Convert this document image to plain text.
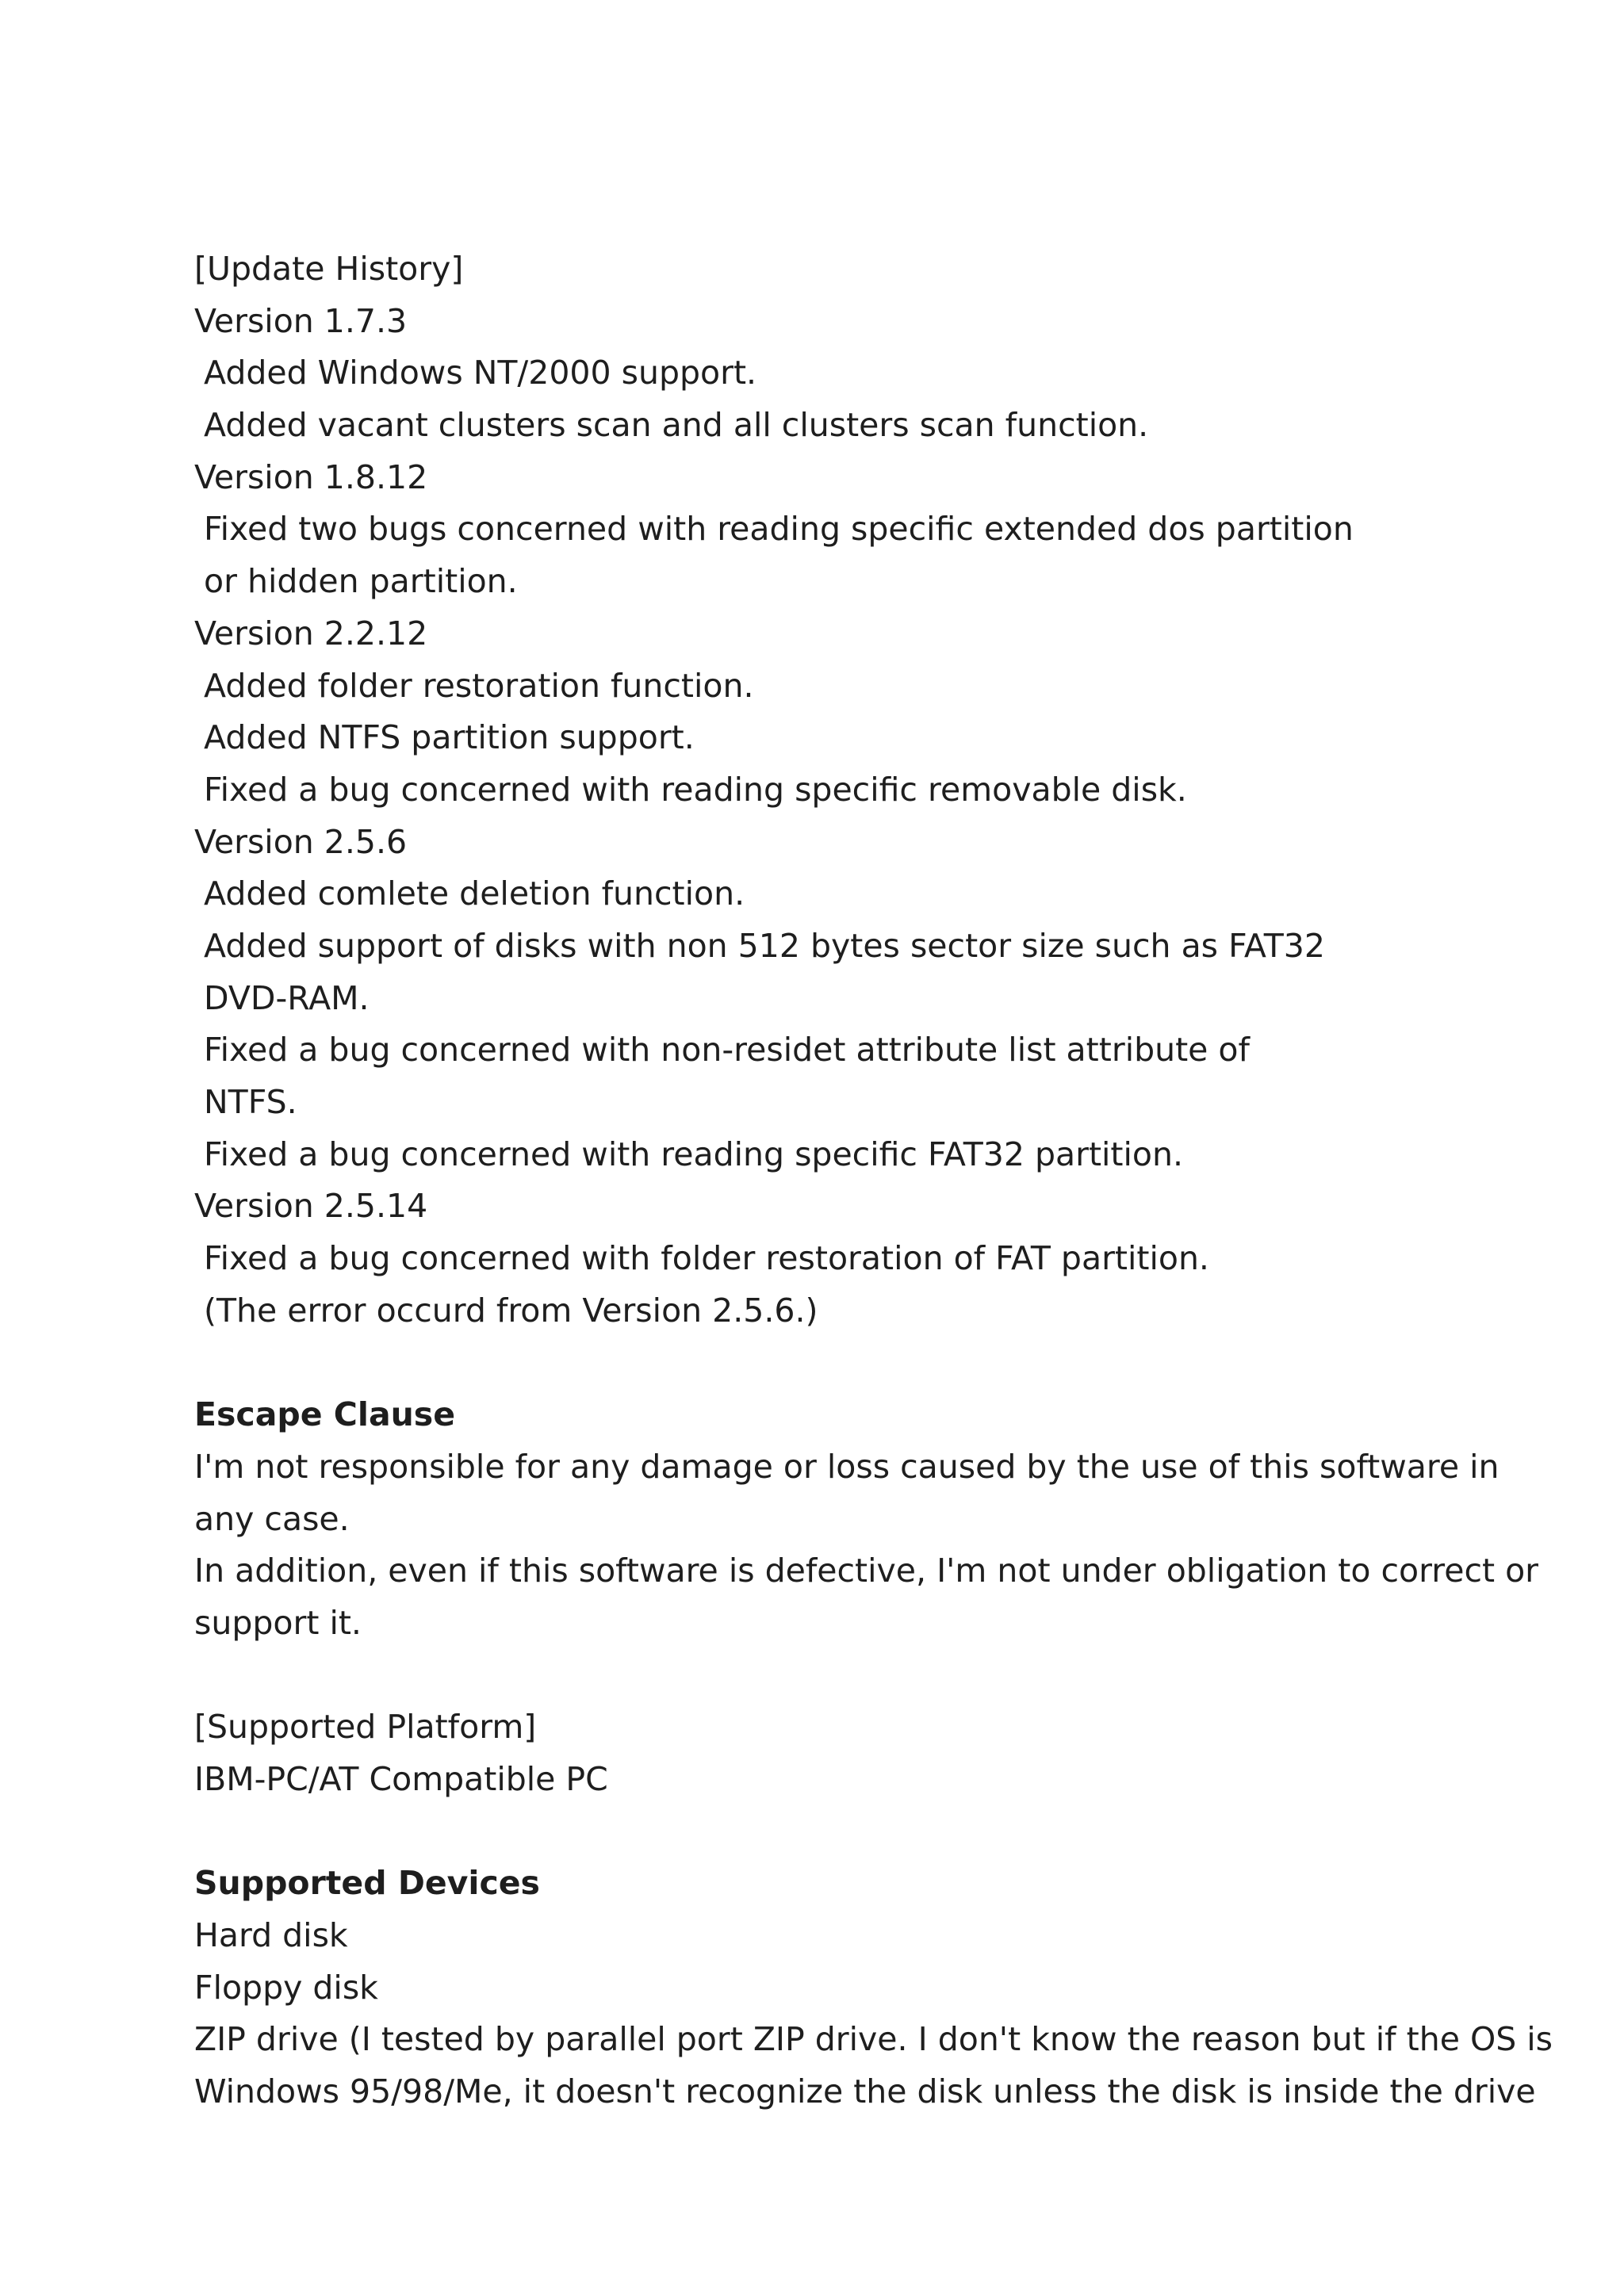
[Update History]
Version 1.7.3
Added Windows NT/2000 support.
Added vacant clusters scan and all clusters scan function.
Version 1.8.12
Fixed two bugs concerned with reading specific extended dos partition
or hidden partition.
Version 2.2.12
Added folder restoration function.
Added NTFS partition support.
Fixed a bug concerned with reading specific removable disk.
Version 2.5.6
Added comlete deletion function.
Added support of disks with non 512 bytes sector size such as FAT32
DVD-RAM.
Fixed a bug concerned with non-residet attribute list attribute of
NTFS.
Fixed a bug concerned with reading specific FAT32 partition.
Version 2.5.14
Fixed a bug concerned with folder restoration of FAT partition.
(The error occurd from Version 2.5.6.)
Escape Clause
I'm not responsible for any damage or loss caused by the use of this software in
any case.
In addition, even if this software is defective, I'm not under obligation to correct or
support it.
[Supported Platform]
IBM-PC/AT Compatible PC
Supported Devices
Hard disk
Floppy disk
ZIP drive (I tested by parallel port ZIP drive. I don't know the reason but if the OS is
Windows 95/98/Me, it doesn't recognize the disk unless the disk is inside the drive
